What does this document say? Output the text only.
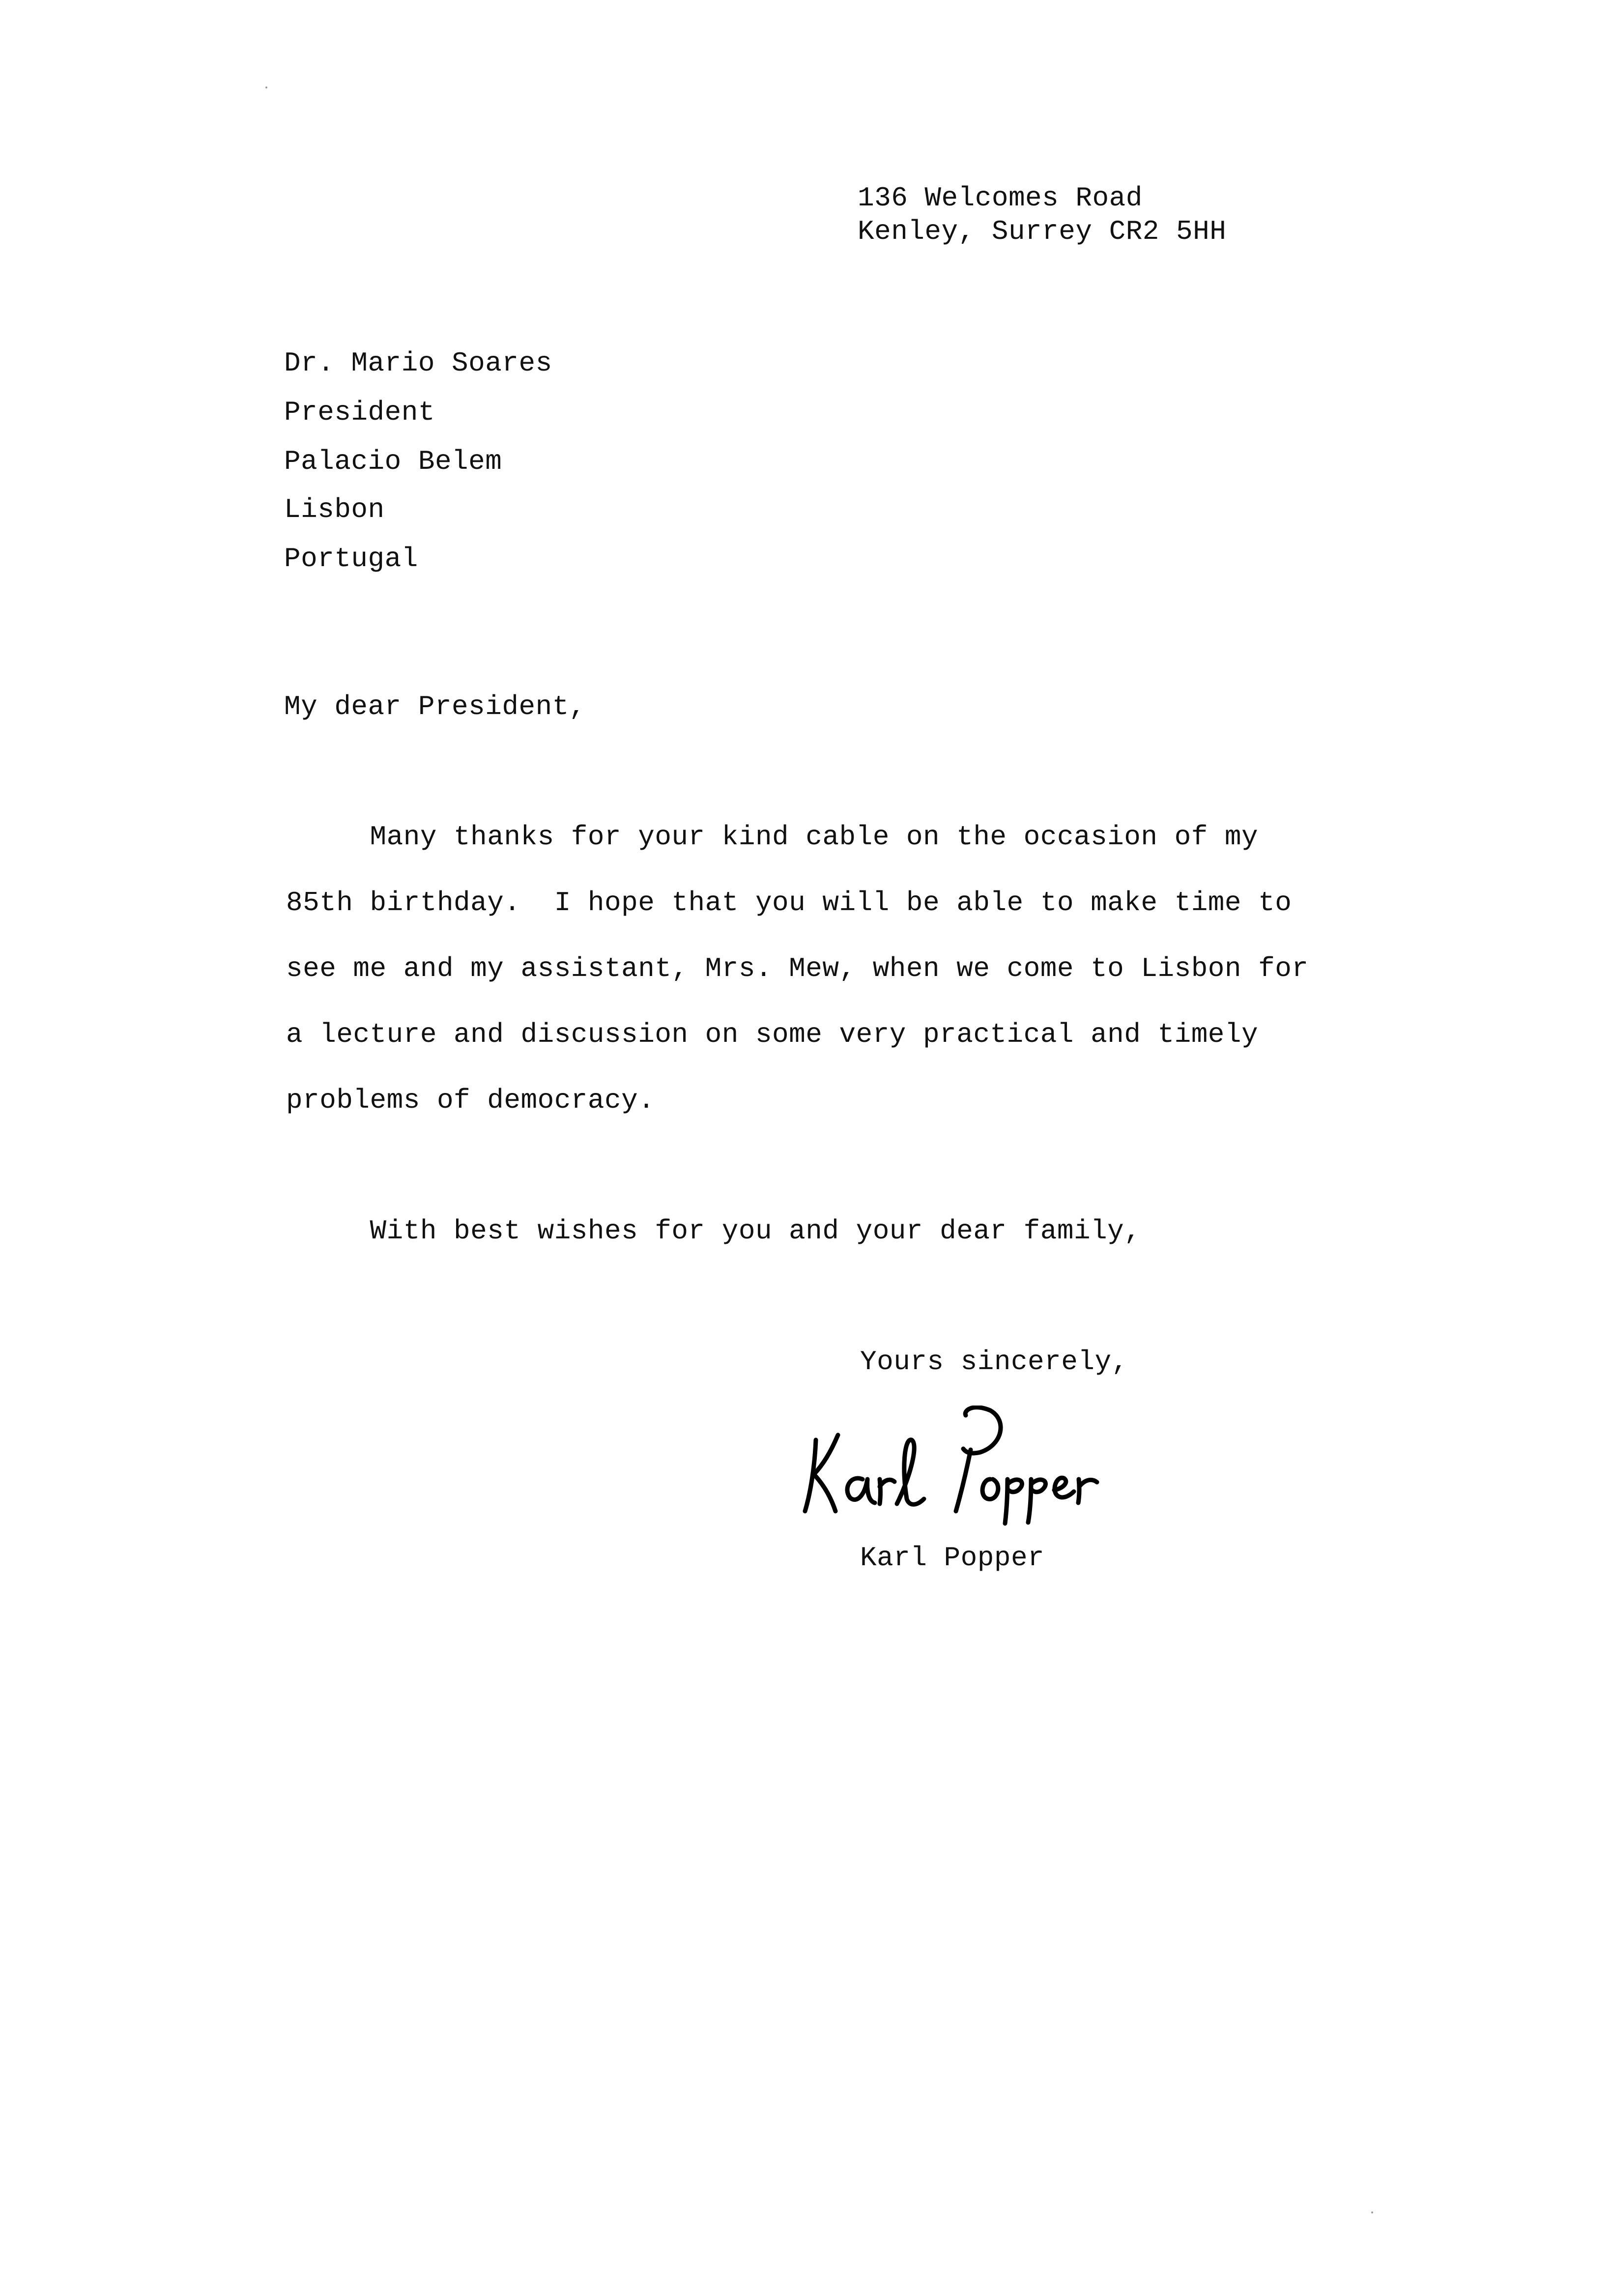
136 Welcomes Road
Kenley, Surrey CR2 5HH
Dr. Mario Soares
President
Palacio Belem
Lisbon
Portugal
My dear President,
Many thanks for your kind cable on the occasion of my
85th birthday.  I hope that you will be able to make time to
see me and my assistant, Mrs. Mew, when we come to Lisbon for
a lecture and discussion on some very practical and timely
problems of democracy.
With best wishes for you and your dear family,
Yours sincerely,
Karl Popper
